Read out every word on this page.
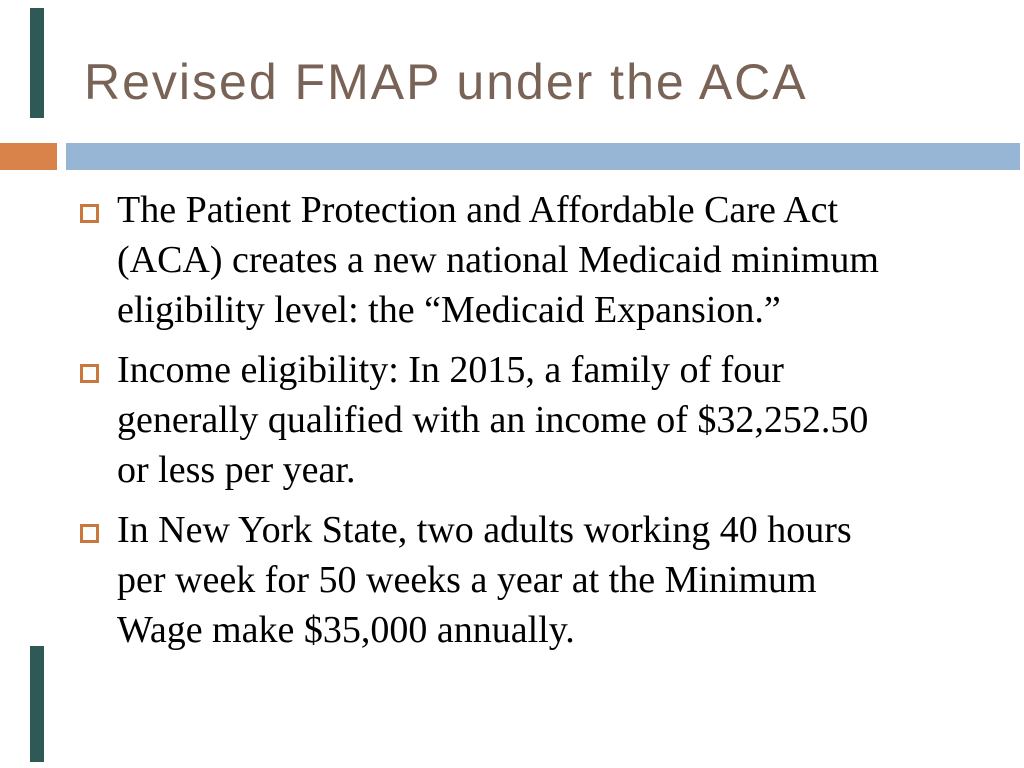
Revised FMAP under the ACA
The Patient Protection and Affordable Care Act
(ACA) creates a new national Medicaid minimum
eligibility level: the “Medicaid Expansion.”
Income eligibility: In 2015, a family of four
generally qualified with an income of $32,252.50
or less per year.
In New York State, two adults working 40 hours
per week for 50 weeks a year at the Minimum
Wage make $35,000 annually.
